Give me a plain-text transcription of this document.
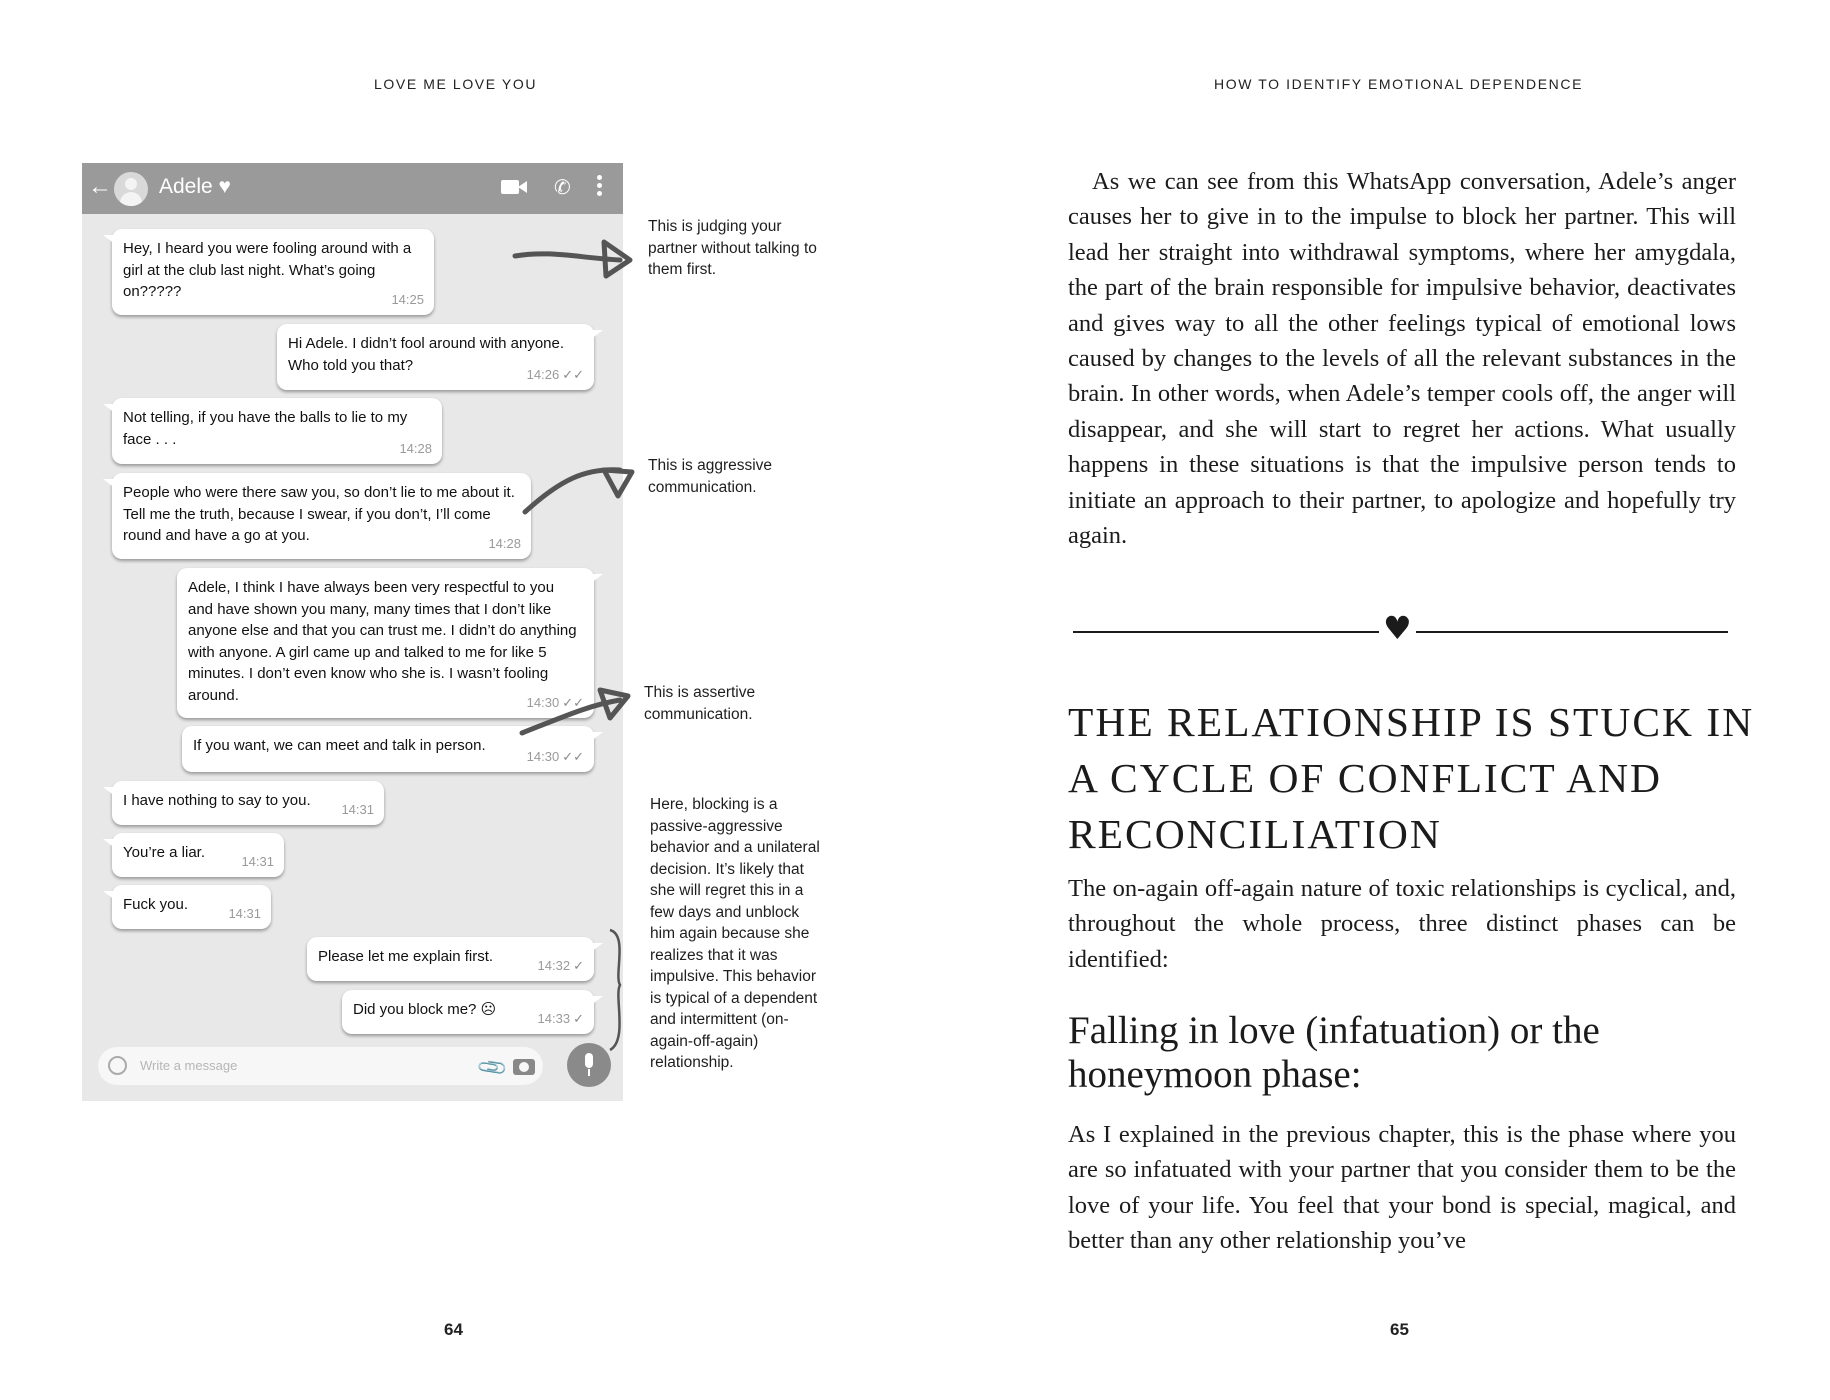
LOVE ME LOVE YOU	HOW TO IDENTIFY EMOTIONAL DEPENDENCE
64	65
← Adele ♥	✆
Hey, I heard you were fooling around with a girl at the club last night. What’s going on?????	14:25
Hi Adele. I didn’t fool around with anyone. Who told you that?
14:26 ✓✓
Not telling, if you have the balls to lie to my face . . .
14:28
People who were there saw you, so don’t lie to me about it. Tell me the truth, because I swear, if you don’t, I’ll come round and have a go at you.	14:28
Adele, I think I have always been very respectful to you and have shown you many, many times that I don’t like anyone else and that you can trust me. I didn’t do anything with anyone. A girl came up and talked to me for like 5 minutes. I don’t even know who she is. I wasn’t fooling around.	14:30 ✓✓
If you want, we can meet and talk in person.
14:30 ✓✓
I have nothing to say to you.	14:31
You’re a liar.	14:31
Fuck you.	14:31
Please let me explain first.	14:32 ✓
Did you block me? ☹	14:33 ✓
Write a message	📎
This is judging your partner without talking to them first.
This is aggressive communication.
This is assertive communication.
Here, blocking is a passive-aggressive behavior and a unilateral decision. It’s likely that she will regret this in a few days and unblock him again because she realizes that it was impulsive. This behavior is typical of a dependent and intermittent (on-again-off-again) relationship.

As we can see from this WhatsApp conversation, Adele’s anger causes her to give in to the impulse to block her partner. This will lead her straight into withdrawal symptoms, where her amygdala, the part of the brain responsible for impulsive behavior, deactivates and gives way to all the other feelings typical of emotional lows caused by changes to the levels of all the relevant substances in the brain. In other words, when Adele’s temper cools off, the anger will disappear, and she will start to regret her actions. What usually happens in these situations is that the impulsive person tends to initiate an approach to their partner, to apologize and hopefully try again.

♥
THE RELATIONSHIP IS STUCK IN A CYCLE OF CONFLICT AND RECONCILIATION

The on-again off-again nature of toxic relationships is cyclical, and, throughout the whole process, three distinct phases can be identified:

Falling in love (infatuation) or the honeymoon phase:

As I explained in the previous chapter, this is the phase where you are so infatuated with your partner that you consider them to be the love of your life. You feel that your bond is special, magical, and better than any other relationship you’ve
